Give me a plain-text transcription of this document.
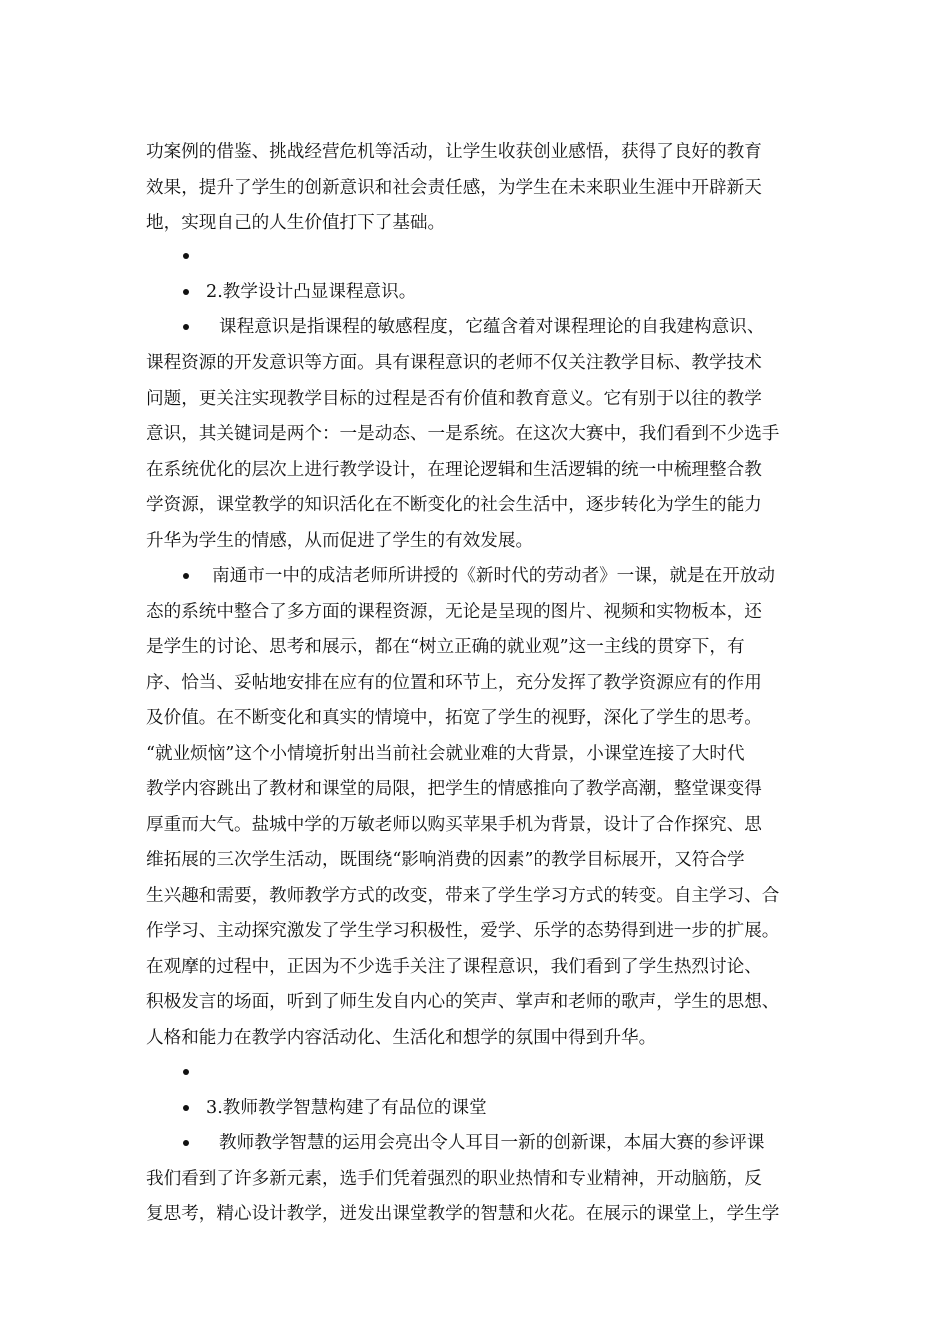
功案例的借鉴、挑战经营危机等活动，让学生收获创业感悟，获得了良好的教育
效果，提升了学生的创新意识和社会责任感，为学生在未来职业生涯中开辟新天
地，实现自己的人生价值打下了基础。
2.教学设计凸显课程意识。
课程意识是指课程的敏感程度，它蕴含着对课程理论的自我建构意识、
课程资源的开发意识等方面。具有课程意识的老师不仅关注教学目标、教学技术
问题，更关注实现教学目标的过程是否有价值和教育意义。它有别于以往的教学
意识，其关键词是两个：一是动态、一是系统。在这次大赛中，我们看到不少选手
在系统优化的层次上进行教学设计，在理论逻辑和生活逻辑的统一中梳理整合教
学资源，课堂教学的知识活化在不断变化的社会生活中，逐步转化为学生的能力
升华为学生的情感，从而促进了学生的有效发展。
南通市一中的成洁老师所讲授的《新时代的劳动者》一课，就是在开放动
态的系统中整合了多方面的课程资源，无论是呈现的图片、视频和实物板本，还
是学生的讨论、思考和展示，都在“树立正确的就业观”这一主线的贯穿下，有
序、恰当、妥帖地安排在应有的位置和环节上，充分发挥了教学资源应有的作用
及价值。在不断变化和真实的情境中，拓宽了学生的视野，深化了学生的思考。
“就业烦恼”这个小情境折射出当前社会就业难的大背景，小课堂连接了大时代
教学内容跳出了教材和课堂的局限，把学生的情感推向了教学高潮，整堂课变得
厚重而大气。盐城中学的万敏老师以购买苹果手机为背景，设计了合作探究、思
维拓展的三次学生活动，既围绕“影响消费的因素”的教学目标展开，又符合学
生兴趣和需要，教师教学方式的改变，带来了学生学习方式的转变。自主学习、合
作学习、主动探究激发了学生学习积极性，爱学、乐学的态势得到进一步的扩展。
在观摩的过程中，正因为不少选手关注了课程意识，我们看到了学生热烈讨论、
积极发言的场面，听到了师生发自内心的笑声、掌声和老师的歌声，学生的思想、
人格和能力在教学内容活动化、生活化和想学的氛围中得到升华。
3.教师教学智慧构建了有品位的课堂
教师教学智慧的运用会亮出令人耳目一新的创新课，本届大赛的参评课
我们看到了许多新元素，选手们凭着强烈的职业热情和专业精神，开动脑筋，反
复思考，精心设计教学，迸发出课堂教学的智慧和火花。在展示的课堂上，学生学
